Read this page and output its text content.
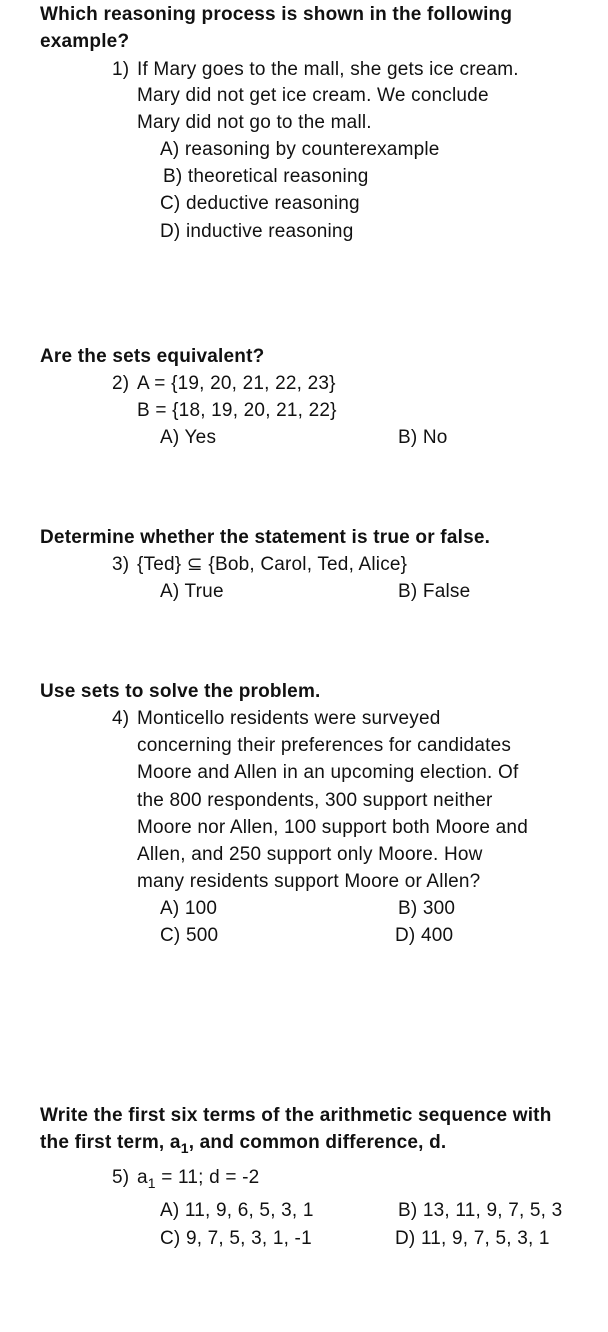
Which reasoning process is shown in the following
example?
1) If Mary goes to the mall, she gets ice cream.
Mary did not get ice cream. We conclude
Mary did not go to the mall.
A) reasoning by counterexample
B) theoretical reasoning
C) deductive reasoning
D) inductive reasoning
Are the sets equivalent?
2) A = {19, 20, 21, 22, 23}
B = {18, 19, 20, 21, 22}
A) Yes	B) No
Determine whether the statement is true or false.
3) {Ted} ⊆ {Bob, Carol, Ted, Alice}
A) True	B) False
Use sets to solve the problem.
4) Monticello residents were surveyed
concerning their preferences for candidates
Moore and Allen in an upcoming election. Of
the 800 respondents, 300 support neither
Moore nor Allen, 100 support both Moore and
Allen, and 250 support only Moore. How
many residents support Moore or Allen?
A) 100	B) 300
C) 500	D) 400
Write the first six terms of the arithmetic sequence with
the first term, $a_1$, and common difference, d.
5) $a_1 = 11$; d = -2
A) 11, 9, 6, 5, 3, 1	B) 13, 11, 9, 7, 5, 3
C) 9, 7, 5, 3, 1, -1	D) 11, 9, 7, 5, 3, 1
